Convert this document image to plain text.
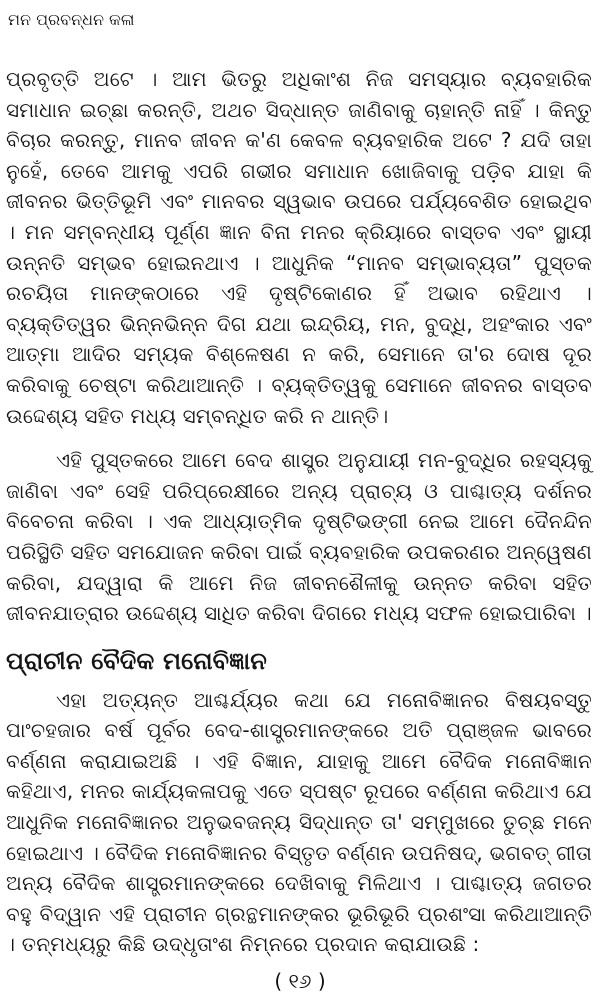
ମନ ପ୍ରବନ୍ଧନ କଳା

ପ୍ରବୃତ୍ତି ଅଟେ । ଆମ ଭିତରୁ ଅଧିକାଂଶ ନିଜ ସମସ୍ୟାର ବ୍ୟବହାରିକ ସମାଧାନ ଇଚ୍ଛା କରନ୍ତି, ଅଥଚ ସିଦ୍ଧାନ୍ତ ଜାଣିବାକୁ ଚାହାନ୍ତି ନାହିଁ । କିନ୍ତୁ ବିଚାର କରନ୍ତୁ, ମାନବ ଜୀବନ କ'ଣ କେବଳ ବ୍ୟବହାରିକ ଅଟେ ? ଯଦି ତାହା ନୁହେଁ, ତେବେ ଆମକୁ ଏପରି ଗଭୀର ସମାଧାନ ଖୋଜିବାକୁ ପଡ଼ିବ ଯାହା କି ଜୀବନର ଭିତ୍ତିଭୂମି ଏବଂ ମାନବର ସ୍ୱଭାବ ଉପରେ ପର୍ଯ୍ୟବେଶିତ ହୋଇଥିବ । ମନ ସମ୍ବନ୍ଧୀୟ ପୂର୍ଣ୍ଣ ଜ୍ଞାନ ବିନା ମନର କ୍ରିୟାରେ ବାସ୍ତବ ଏବଂ ସ୍ଥାୟୀ ଉନ୍ନତି ସମ୍ଭବ ହୋଇନଥାଏ । ଆଧୁନିକ “ମାନବ ସମ୍ଭାବ୍ୟତା” ପୁସ୍ତକ ରଚୟିତା ମାନଙ୍କଠାରେ ଏହି ଦୃଷ୍ଟିକୋଣର ହିଁ ଅଭାବ ରହିଥାଏ । ବ୍ୟକ୍ତିତ୍ୱର ଭିନ୍ନଭିନ୍ନ ଦିଗ ଯଥା ଇନ୍ଦ୍ରିୟ, ମନ, ବୁଦ୍ଧି, ଅହଂକାର ଏବଂ ଆତ୍ମା ଆଦିର ସମ୍ୟକ ବିଶ୍ଳେଷଣ ନ କରି, ସେମାନେ ତା'ର ଦୋଷ ଦୂର କରିବାକୁ ଚେଷ୍ଟା କରିଥାଆନ୍ତି । ବ୍ୟକ୍ତିତ୍ୱକୁ ସେମାନେ ଜୀବନର ବାସ୍ତବ ଉଦ୍ଦେଶ୍ୟ ସହିତ ମଧ୍ୟ ସମ୍ବନ୍ଧିତ କରି ନ ଥାନ୍ତି।

ଏହି ପୁସ୍ତକରେ ଆମେ ବେଦ ଶାସ୍ତ୍ର ଅନୁଯାୟୀ ମନ-ବୁଦ୍ଧିର ରହସ୍ୟକୁ ଜାଣିବା ଏବଂ ସେହି ପରିପ୍ରେକ୍ଷୀରେ ଅନ୍ୟ ପ୍ରାଚ୍ୟ ଓ ପାଶ୍ଚାତ୍ୟ ଦର୍ଶନର ବିବେଚନା କରିବା । ଏକ ଆଧ୍ୟାତ୍ମିକ ଦୃଷ୍ଟିଭଙ୍ଗୀ ନେଇ ଆମେ ଦୈନନ୍ଦିନ ପରିସ୍ଥିତି ସହିତ ସମଯୋଜନ କରିବା ପାଇଁ ବ୍ୟବହାରିକ ଉପକରଣର ଅନ୍ୱେଷଣ କରିବା, ଯଦ୍ୱାରା କି ଆମେ ନିଜ ଜୀବନଶୈଳୀକୁ ଉନ୍ନତ କରିବା ସହିତ ଜୀବନଯାତ୍ରାର ଉଦ୍ଦେଶ୍ୟ ସାଧିତ କରିବା ଦିଗରେ ମଧ୍ୟ ସଫଳ ହୋଇପାରିବା ।

ପ୍ରାଚୀନ ବୈଦିକ ମନୋବିଜ୍ଞାନ

ଏହା ଅତ୍ୟନ୍ତ ଆଶ୍ଚର୍ଯ୍ୟର କଥା ଯେ ମନୋବିଜ୍ଞାନର ବିଷୟବସ୍ତୁ ପାଂଚହଜାର ବର୍ଷ ପୂର୍ବର ବେଦ-ଶାସ୍ତ୍ରମାନଙ୍କରେ ଅତି ପ୍ରାଞ୍ଜଳ ଭାବରେ ବର୍ଣ୍ଣନା କରାଯାଇଅଛି । ଏହି ବିଜ୍ଞାନ, ଯାହାକୁ ଆମେ ବୈଦିକ ମନୋବିଜ୍ଞାନ କହିଥାଏ, ମନର କାର୍ଯ୍ୟକଳାପକୁ ଏତେ ସ୍ପଷ୍ଟ ରୂପରେ ବର୍ଣ୍ଣନା କରିଥାଏ ଯେ ଆଧୁନିକ ମନୋବିଜ୍ଞାନର ଅନୁଭବଜନ୍ୟ ସିଦ୍ଧାନ୍ତ ତା' ସମ୍ମୁଖରେ ତୁଚ୍ଛ ମନେ ହୋଇଥାଏ । ବୈଦିକ ମନୋବିଜ୍ଞାନର ବିସ୍ତୃତ ବର୍ଣ୍ଣନ ଉପନିଷଦ୍, ଭଗବତ୍ ଗୀତା ଅନ୍ୟ ବୈଦିକ ଶାସ୍ତ୍ରମାନଙ୍କରେ ଦେଖିବାକୁ ମିଳିଥାଏ । ପାଶ୍ଚାତ୍ୟ ଜଗତର ବହୁ ବିଦ୍ୱାନ ଏହି ପ୍ରାଚୀନ ଗ୍ରନ୍ଥମାନଙ୍କର ଭୂରିଭୂରି ପ୍ରଶଂସା କରିଥାଆନ୍ତି । ତନ୍ମଧ୍ୟରୁ କିଛି ଉଦ୍ଧୃତାଂଶ ନିମ୍ନରେ ପ୍ରଦାନ କରାଯାଉଛି :

( ୧୬ )
